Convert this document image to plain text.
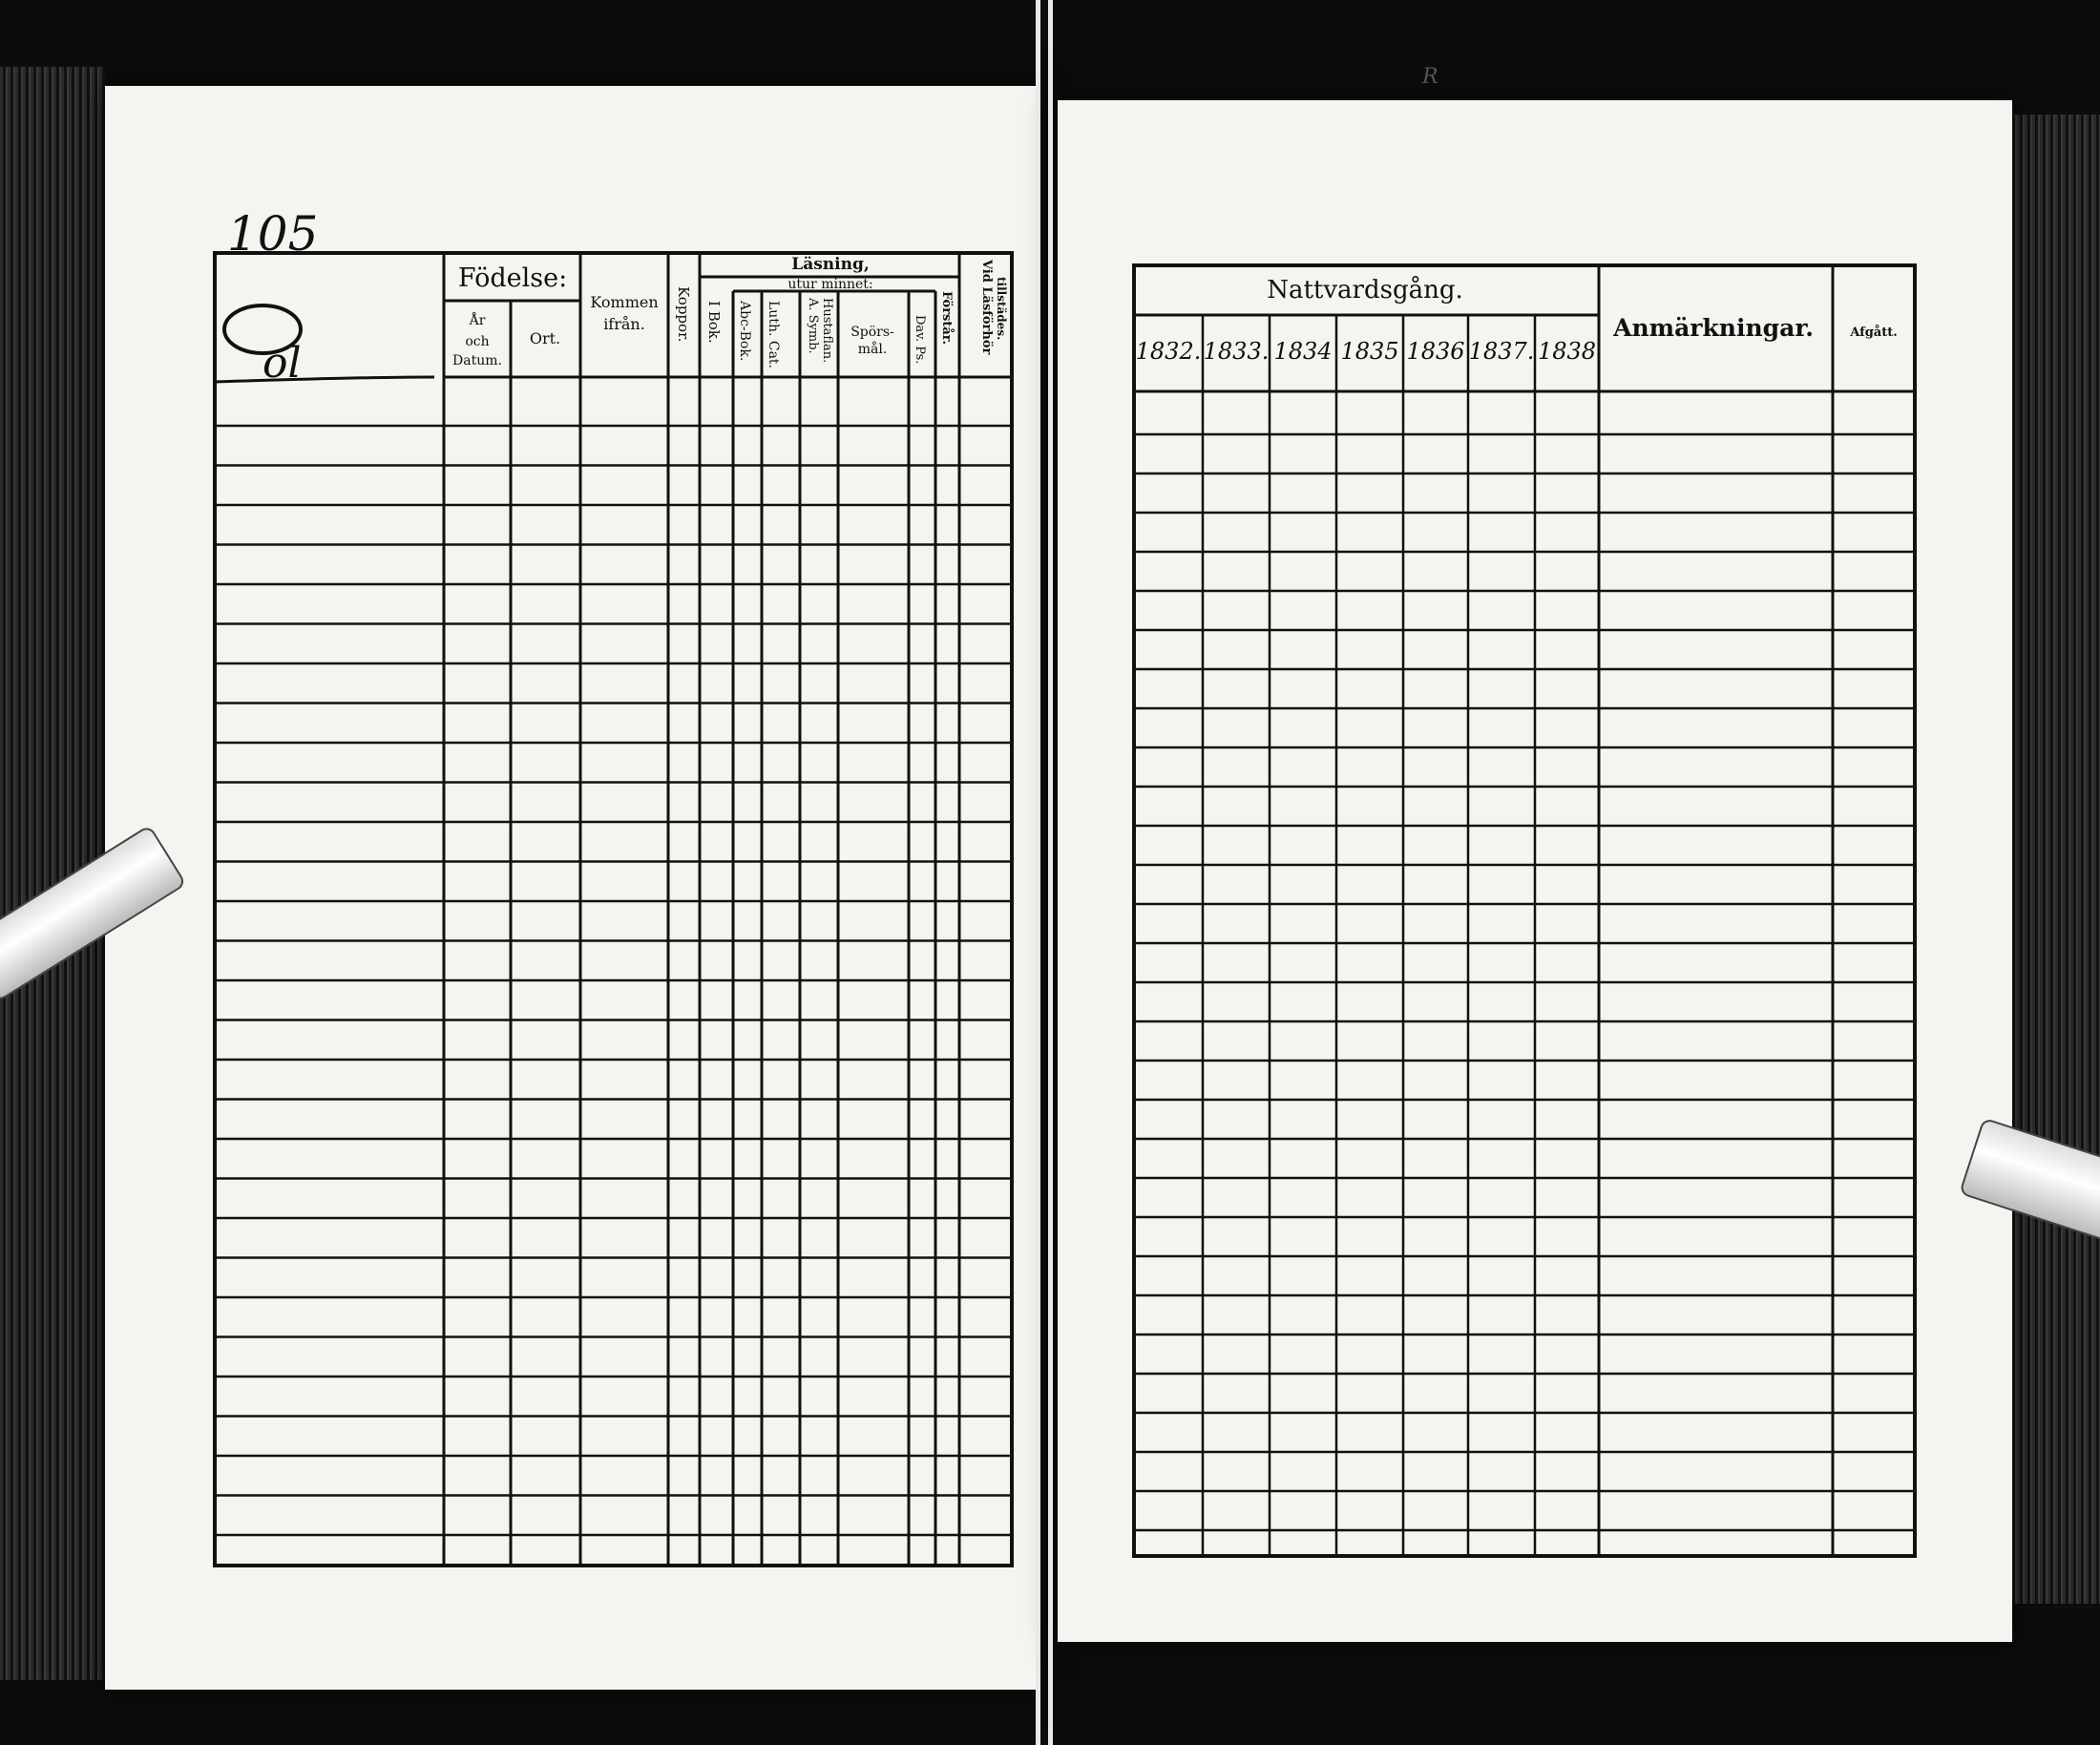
R
Födelse:
År
och
Datum.
Ort.
Kommen
ifrån. Koppor.
Läsning,
utur minnet:
I Bok. Abc-Bok. Luth. Cat. A. Symb. Hustaflan. Spörs-
mål. Dav. Ps. Förstår. Vid Läsförhör tillstädes.
105
ol
Nattvardsgång.
Anmärkningar.	Afgått.
1832. 1833. 1834 1835 1836 1837. 1838
